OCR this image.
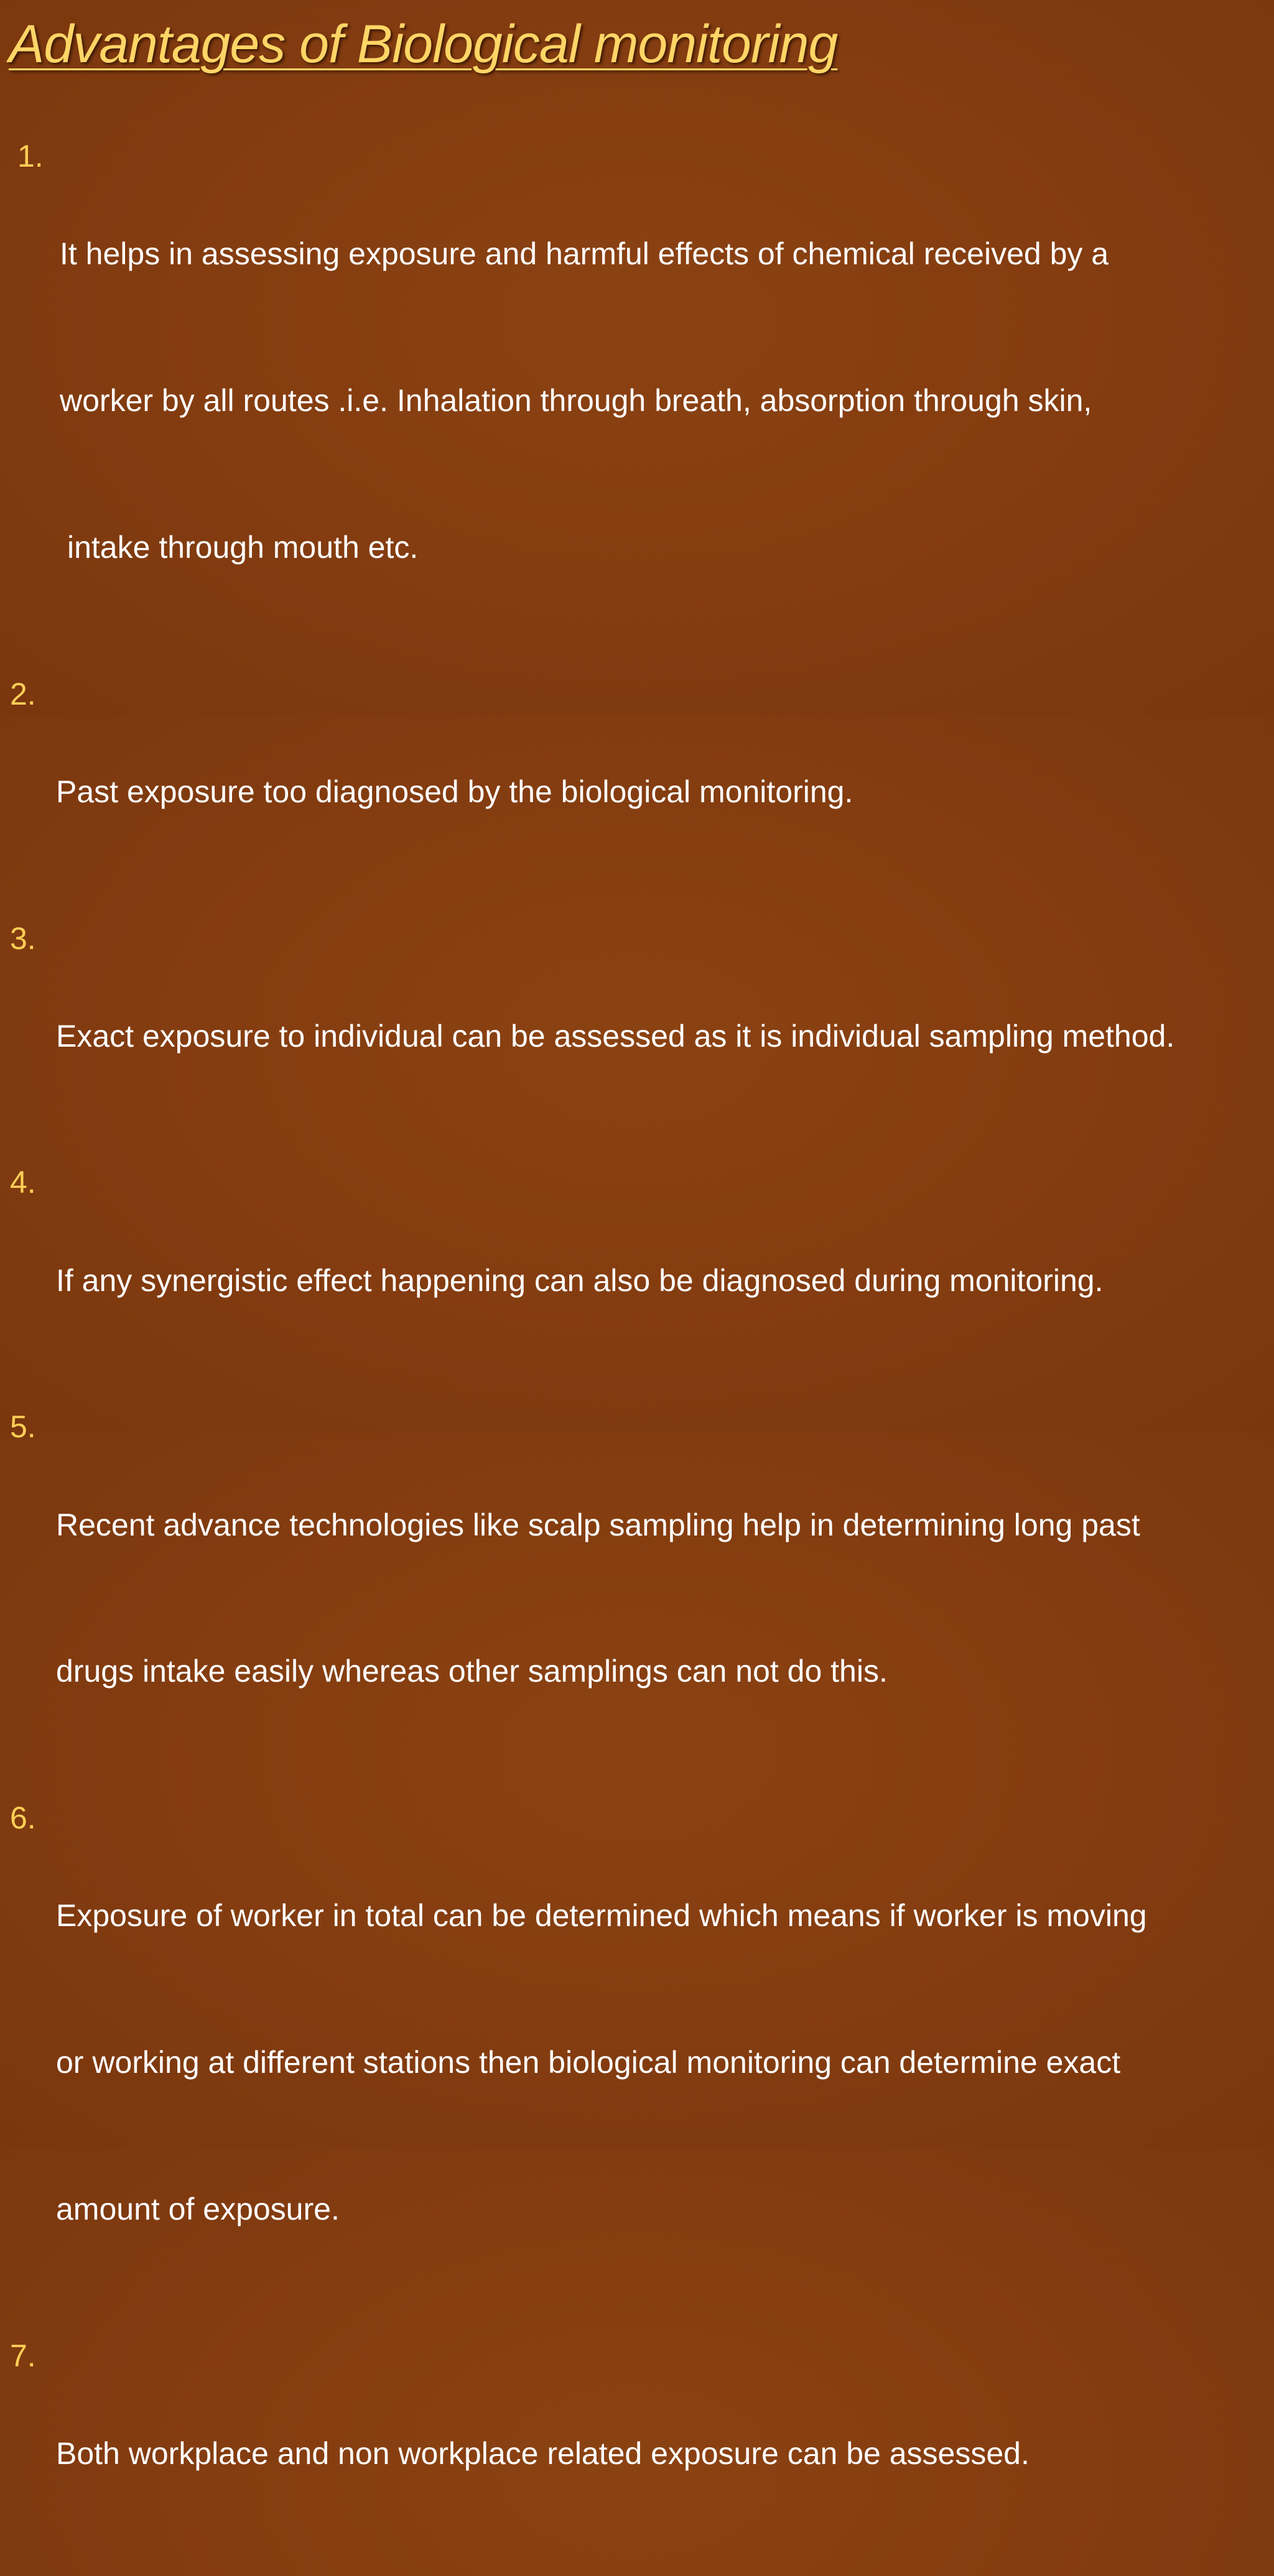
Advantages of Biological monitoring
1.

It helps in assessing exposure and harmful effects of chemical received by a

worker by all routes .i.e. Inhalation through breath, absorption through skin,

intake through mouth etc.

2.

Past exposure too diagnosed by the biological monitoring.

3.

Exact exposure to individual can be assessed as it is individual sampling method.

4.

If any synergistic effect happening can also be diagnosed during monitoring.

5.

Recent advance technologies like scalp sampling help in determining long past

drugs intake easily whereas other samplings can not do this.

6.

Exposure of worker in total can be determined which means if worker is moving

or working at different stations then biological monitoring can determine exact

amount of exposure.

7.

Both workplace and non workplace related exposure can be assessed.
